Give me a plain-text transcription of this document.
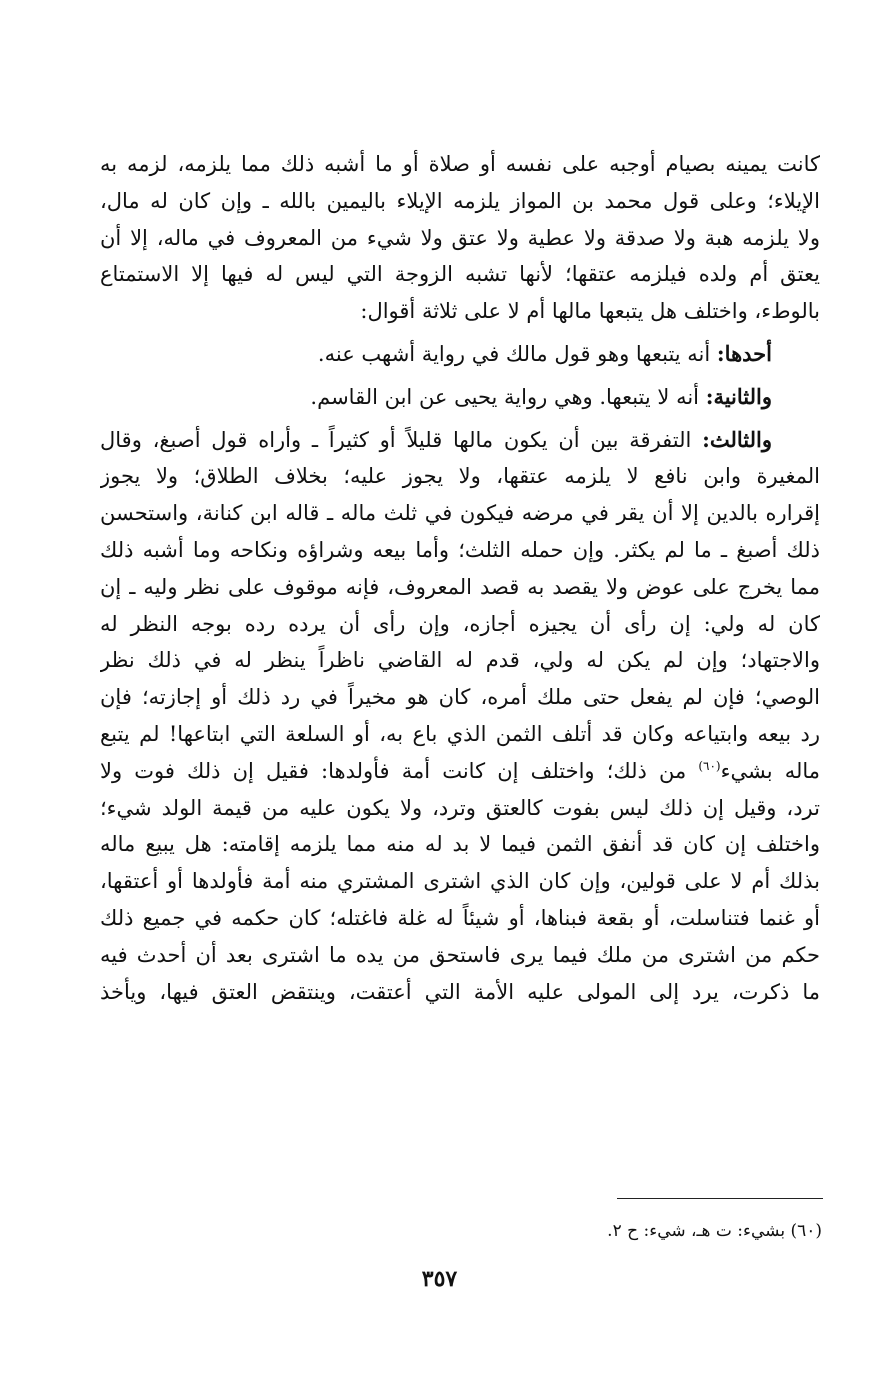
كانت يمينه بصيام أوجبه على نفسه أو صلاة أو ما أشبه ذلك مما يلزمه، لزمه به
الإيلاء؛ وعلى قول محمد بن المواز يلزمه الإيلاء باليمين بالله ـ وإن كان له مال،
ولا يلزمه هبة ولا صدقة ولا عطية ولا عتق ولا شيء من المعروف في ماله، إلا أن
يعتق أم ولده فيلزمه عتقها؛ لأنها تشبه الزوجة التي ليس له فيها إلا الاستمتاع
بالوطء، واختلف هل يتبعها مالها أم لا على ثلاثة أقوال:

أحدها: أنه يتبعها وهو قول مالك في رواية أشهب عنه.

والثانية: أنه لا يتبعها. وهي رواية يحيى عن ابن القاسم.

والثالث: التفرقة بين أن يكون مالها قليلاً أو كثيراً ـ وأراه قول أصبغ، وقال
المغيرة وابن نافع لا يلزمه عتقها، ولا يجوز عليه؛ بخلاف الطلاق؛ ولا يجوز
إقراره بالدين إلا أن يقر في مرضه فيكون في ثلث ماله ـ قاله ابن كنانة، واستحسن
ذلك أصبغ ـ ما لم يكثر. وإن حمله الثلث؛ وأما بيعه وشراؤه ونكاحه وما أشبه ذلك
مما يخرج على عوض ولا يقصد به قصد المعروف، فإنه موقوف على نظر وليه ـ إن
كان له ولي: إن رأى أن يجيزه أجازه، وإن رأى أن يرده رده بوجه النظر له
والاجتهاد؛ وإن لم يكن له ولي، قدم له القاضي ناظراً ينظر له في ذلك نظر
الوصي؛ فإن لم يفعل حتى ملك أمره، كان هو مخيراً في رد ذلك أو إجازته؛ فإن
رد بيعه وابتياعه وكان قد أتلف الثمن الذي باع به، أو السلعة التي ابتاعها! لم يتبع
ماله بشيء$^{(٦٠)}$ من ذلك؛ واختلف إن كانت أمة فأولدها: فقيل إن ذلك فوت ولا
ترد، وقيل إن ذلك ليس بفوت كالعتق وترد، ولا يكون عليه من قيمة الولد شيء؛
واختلف إن كان قد أنفق الثمن فيما لا بد له منه مما يلزمه إقامته: هل يبيع ماله
بذلك أم لا على قولين، وإن كان الذي اشترى المشتري منه أمة فأولدها أو أعتقها،
أو غنما فتناسلت، أو بقعة فبناها، أو شيئاً له غلة فاغتله؛ كان حكمه في جميع ذلك
حكم من اشترى من ملك فيما يرى فاستحق من يده ما اشترى بعد أن أحدث فيه
ما ذكرت، يرد إلى المولى عليه الأمة التي أعتقت، وينتقض العتق فيها، ويأخذ

(٦٠) بشيء: ت هـ، شيء: ح ٢.
٣٥٧
